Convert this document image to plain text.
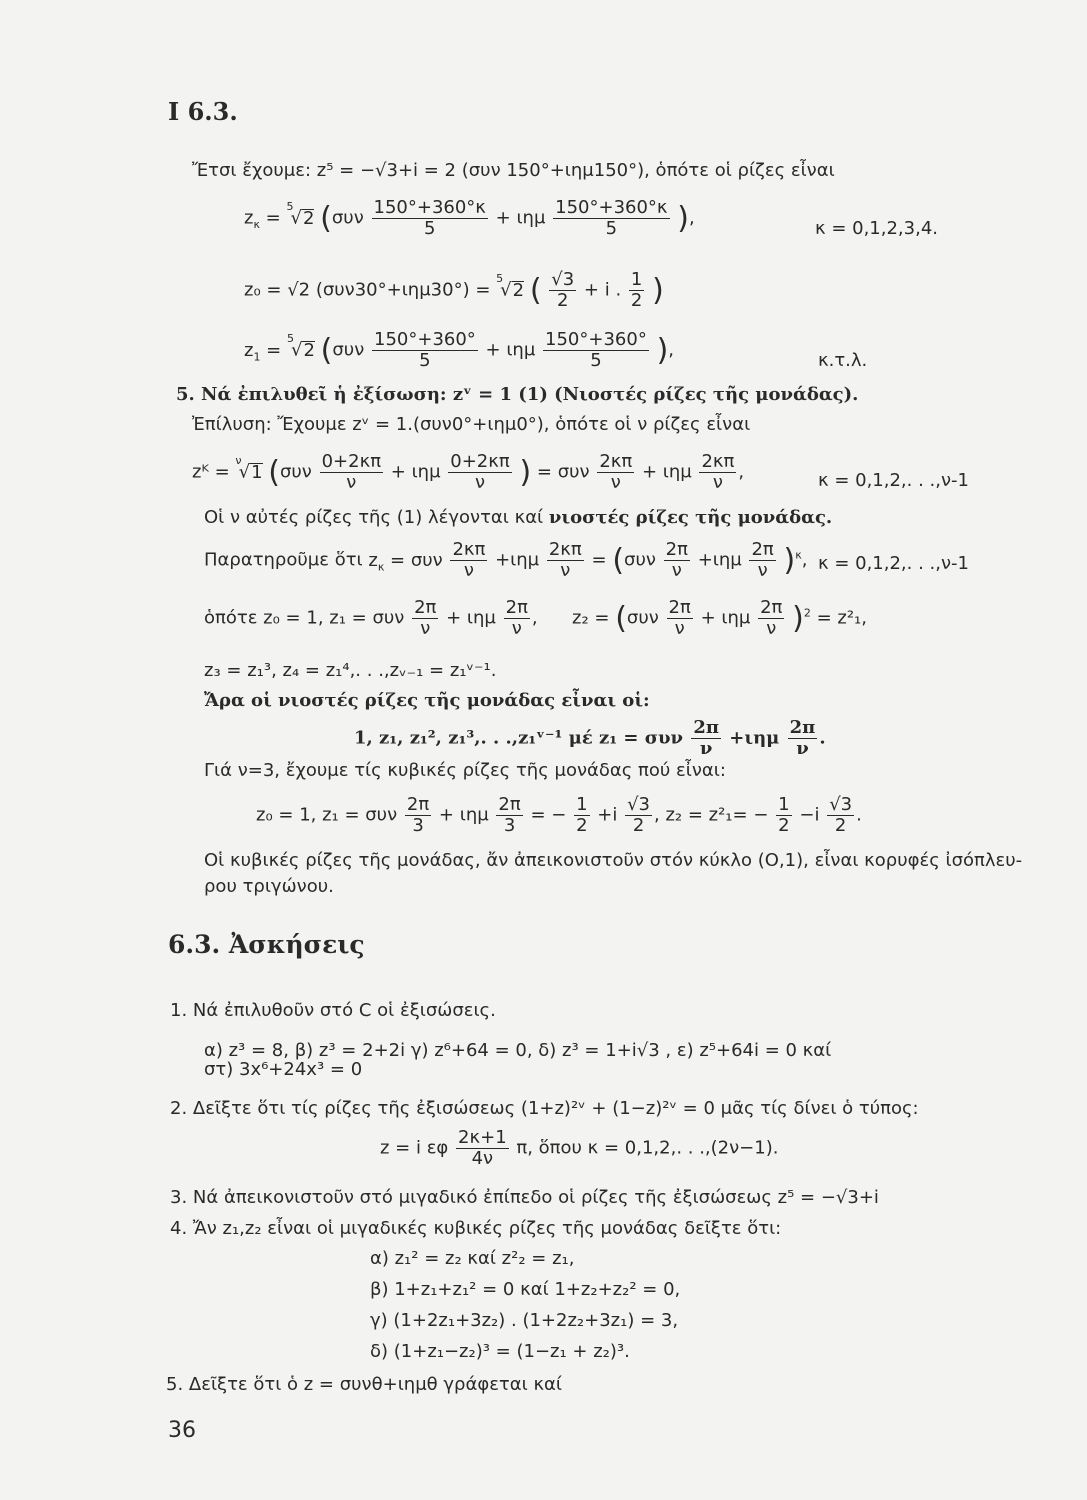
I 6.3.
Ἔτσι ἔχουμε: z⁵ = −√3+i = 2 (συν 150°+ιημ150°), ὁπότε οἱ ρίζες εἶναι
$z_\kappa = ^5√2$ ($\sigma\upsilon\nu \frac{150^\circ+360^\circ\kappa}{5} + \iota\eta\mu \frac{150^\circ+360^\circ\kappa}{5}$ ),	κ = 0,1,2,3,4.
z₀ = √2 (συν30°+ιημ30°) = $^5$√2 ( $\frac{√3}{2} + i$ . $\frac{1}{2}$ )
$z_1 = ^5√2$ ($\sigma\upsilon\nu \frac{150^\circ+360^\circ}{5} + \iota\eta\mu \frac{150^\circ+360^\circ}{5}$ ),	κ.τ.λ.
5. Νά ἐπιλυθεῖ ἡ ἐξίσωση: zᵛ = 1 (1) (Νιοστές ρίζες τῆς μονάδας).
Ἐπίλυση: Ἔχουμε zᵛ = 1.(συν0°+ιημ0°), ὁπότε οἱ ν ρίζες εἶναι
zᴷ = $^\nu$√1 ($\sigma\upsilon\nu \frac{0+2\kappa\pi}{\nu} + \iota\eta\mu \frac{0+2\kappa\pi}{\nu}$ ) = συν $\frac{2\kappa\pi}{\nu} + \iota\eta\mu \frac{2\kappa\pi}{\nu}$ ,	κ = 0,1,2,. . .,ν-1
Οἱ ν αὐτές ρίζες τῆς (1) λέγονται καί νιοστές ρίζες τῆς μονάδας.
Παρατηροῦμε ὅτι $z_\kappa = \sigma\upsilon\nu \frac{2\kappa\pi}{\nu} +\iota\eta\mu \frac{2\kappa\pi}{\nu} = (\sigma\upsilon\nu \frac{2\pi}{\nu} +\iota\eta\mu \frac{2\pi}{\nu} )^\kappa$, κ = 0,1,2,. . .,ν-1
ὁπότε z₀ = 1, z₁ = συν $\frac{2\pi}{\nu} + \iota\eta\mu \frac{2\pi}{\nu}$ ,      $z_2 = (\sigma\upsilon\nu \frac{2\pi}{\nu} + \iota\eta\mu \frac{2\pi}{\nu} )^2 = z^2_1$,
z₃ = z₁³, z₄ = z₁⁴,. . .,zᵥ₋₁ = z₁ᵛ⁻¹.
Ἄρα οἱ νιοστές ρίζες τῆς μονάδας εἶναι οἱ:
1, z₁, z₁², z₁³,. . .,z₁ᵛ⁻¹ μέ z₁ = συν $\frac{2\pi}{\nu} +\iota\eta\mu \frac{2\pi}{\nu}$ .
Γιά ν=3, ἔχουμε τίς κυβικές ρίζες τῆς μονάδας πού εἶναι:
z₀ = 1, z₁ = συν $\frac{2\pi}{3} + \iota\eta\mu \frac{2\pi}{3}$ = − $\frac{1}{2} +i \frac{√3}{2}$ , $z_2 = z^2_1= - \frac{1}{2} -i \frac{√3}{2}$ .
Οἱ κυβικές ρίζες τῆς μονάδας, ἄν ἀπεικονιστοῦν στόν κύκλο (Ο,1), εἶναι κορυφές ἰσόπλευ-
ρου τριγώνου.
6.3. Ἀσκήσεις
1. Νά ἐπιλυθοῦν στό C οἱ ἐξισώσεις.
α) z³ = 8, β) z³ = 2+2i γ) z⁶+64 = 0, δ) z³ = 1+i√3 , ε) z⁵+64i = 0 καί
στ) 3x⁶+24x³ = 0
2. Δεῖξτε ὅτι τίς ρίζες τῆς ἐξισώσεως (1+z)²ᵛ + (1−z)²ᵛ = 0 μᾶς τίς δίνει ὁ τύπος:
z = i εφ $\frac{2\kappa+1}{4\nu} \pi$, ὅπου κ = 0,1,2,. . .,(2ν−1).
3. Νά ἀπεικονιστοῦν στό μιγαδικό ἐπίπεδο οἱ ρίζες τῆς ἐξισώσεως z⁵ = −√3+i
4. Ἄν z₁,z₂ εἶναι οἱ μιγαδικές κυβικές ρίζες τῆς μονάδας δεῖξτε ὅτι:
α) z₁² = z₂ καί z²₂ = z₁,
β) 1+z₁+z₁² = 0 καί 1+z₂+z₂² = 0,
γ) (1+2z₁+3z₂) . (1+2z₂+3z₁) = 3,
δ) (1+z₁−z₂)³ = (1−z₁ + z₂)³.
5. Δεῖξτε ὅτι ὁ z = συνθ+ιημθ γράφεται καί
36
